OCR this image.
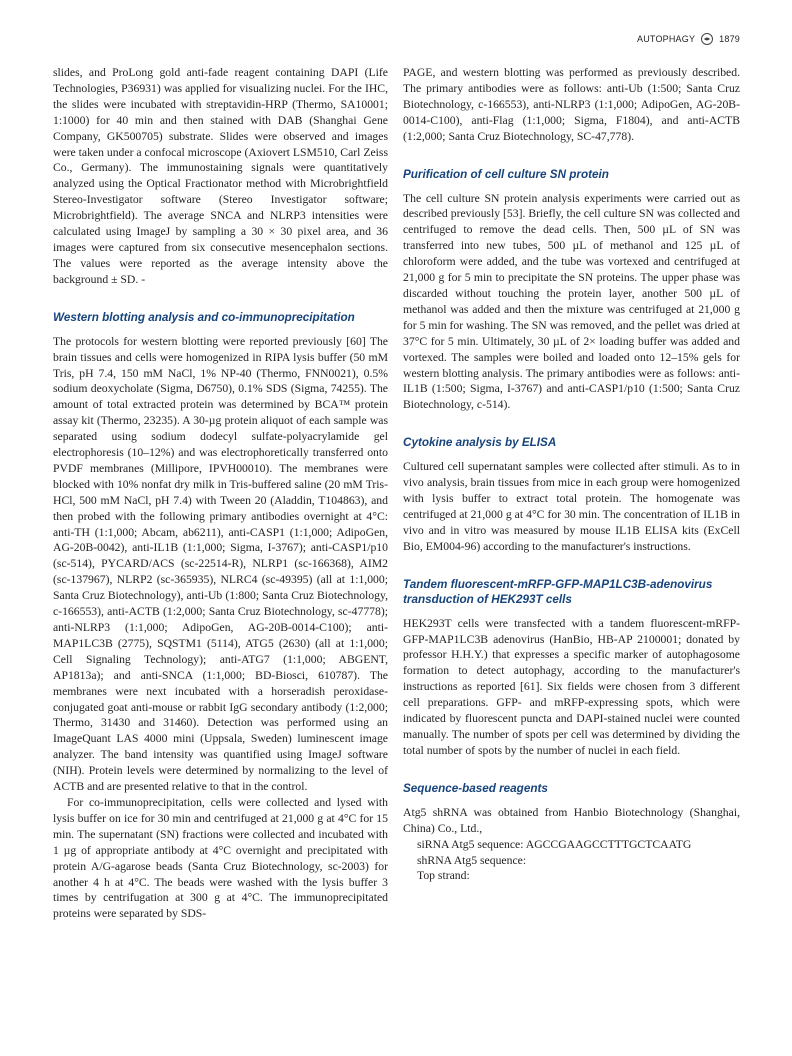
AUTOPHAGY	1879

slides, and ProLong gold anti-fade reagent containing DAPI (Life Technologies, P36931) was applied for visualizing nuclei. For the IHC, the slides were incubated with streptavidin-HRP (Thermo, SA10001; 1:1000) for 40 min and then stained with DAB (Shanghai Gene Company, GK500705) substrate. Slides were observed and images were taken under a confocal microscope (Axiovert LSM510, Carl Zeiss Co., Germany). The immunostaining signals were quantitatively analyzed using the Optical Fractionator method with Microbrightfield Stereo-Investigator software (Stereo Investigator software; Microbrightfield). The average SNCA and NLRP3 intensities were calculated using ImageJ by sampling a 30 × 30 pixel area, and 36 images were captured from six consecutive mesencephalon sections. The values were reported as the average intensity above the background ± SD. -

Western blotting analysis and co-immunoprecipitation

The protocols for western blotting were reported previously [60] The brain tissues and cells were homogenized in RIPA lysis buffer (50 mM Tris, pH 7.4, 150 mM NaCl, 1% NP-40 (Thermo, FNN0021), 0.5% sodium deoxycholate (Sigma, D6750), 0.1% SDS (Sigma, 74255). The amount of total extracted protein was determined by BCA™ protein assay kit (Thermo, 23235). A 30-µg protein aliquot of each sample was separated using sodium dodecyl sulfate-polyacrylamide gel electrophoresis (10–12%) and was electrophoretically transferred onto PVDF membranes (Millipore, IPVH00010). The membranes were blocked with 10% nonfat dry milk in Tris-buffered saline (20 mM Tris-HCl, 500 mM NaCl, pH 7.4) with Tween 20 (Aladdin, T104863), and then probed with the following primary antibodies overnight at 4°C: anti-TH (1:1,000; Abcam, ab6211), anti-CASP1 (1:1,000; AdipoGen, AG-20B-0042), anti-IL1B (1:1,000; Sigma, I-3767); anti-CASP1/p10 (sc-514), PYCARD/ACS (sc-22514-R), NLRP1 (sc-166368), AIM2 (sc-137967), NLRP2 (sc-365935), NLRC4 (sc-49395) (all at 1:1,000; Santa Cruz Biotechnology), anti-Ub (1:800; Santa Cruz Biotechnology, c-166553), anti-ACTB (1:2,000; Santa Cruz Biotechnology, sc-47778); anti-NLRP3 (1:1,000; AdipoGen, AG-20B-0014-C100); anti-MAP1LC3B (2775), SQSTM1 (5114), ATG5 (2630) (all at 1:1,000; Cell Signaling Technology); anti-ATG7 (1:1,000; ABGENT, AP1813a); and anti-SNCA (1:1,000; BD-Biosci, 610787). The membranes were next incubated with a horseradish peroxidase-conjugated goat anti-mouse or rabbit IgG secondary antibody (1:2,000; Thermo, 31430 and 31460). Detection was performed using an ImageQuant LAS 4000 mini (Uppsala, Sweden) luminescent image analyzer. The band intensity was quantified using ImageJ software (NIH). Protein levels were determined by normalizing to the level of ACTB and are presented relative to that in the control.

For co-immunoprecipitation, cells were collected and lysed with lysis buffer on ice for 30 min and centrifuged at 21,000 g at 4°C for 15 min. The supernatant (SN) fractions were collected and incubated with 1 µg of appropriate antibody at 4°C overnight and precipitated with protein A/G-agarose beads (Santa Cruz Biotechnology, sc-2003) for another 4 h at 4°C. The beads were washed with the lysis buffer 3 times by centrifugation at 300 g at 4°C. The immunoprecipitated proteins were separated by SDS-

PAGE, and western blotting was performed as previously described. The primary antibodies were as follows: anti-Ub (1:500; Santa Cruz Biotechnology, c-166553), anti-NLRP3 (1:1,000; AdipoGen, AG-20B-0014-C100), anti-Flag (1:1,000; Sigma, F1804), and anti-ACTB (1:2,000; Santa Cruz Biotechnology, SC-47,778).

Purification of cell culture SN protein

The cell culture SN protein analysis experiments were carried out as described previously [53]. Briefly, the cell culture SN was collected and centrifuged to remove the dead cells. Then, 500 µL of SN was transferred into new tubes, 500 µL of methanol and 125 µL of chloroform were added, and the tube was vortexed and centrifuged at 21,000 g for 5 min to precipitate the SN proteins. The upper phase was discarded without touching the protein layer, another 500 µL of methanol was added and then the mixture was centrifuged at 21,000 g for 5 min for washing. The SN was removed, and the pellet was dried at 37°C for 5 min. Ultimately, 30 µL of 2× loading buffer was added and vortexed. The samples were boiled and loaded onto 12–15% gels for western blotting analysis. The primary antibodies were as follows: anti-IL1B (1:500; Sigma, I-3767) and anti-CASP1/p10 (1:500; Santa Cruz Biotechnology, c-514).

Cytokine analysis by ELISA

Cultured cell supernatant samples were collected after stimuli. As to in vivo analysis, brain tissues from mice in each group were homogenized with lysis buffer to extract total protein. The homogenate was centrifuged at 21,000 g at 4°C for 30 min. The concentration of IL1B in vivo and in vitro was measured by mouse IL1B ELISA kits (ExCell Bio, EM004-96) according to the manufacturer's instructions.

Tandem fluorescent-mRFP-GFP-MAP1LC3B-adenovirus transduction of HEK293T cells

HEK293T cells were transfected with a tandem fluorescent-mRFP-GFP-MAP1LC3B adenovirus (HanBio, HB-AP 2100001; donated by professor H.H.Y.) that expresses a specific marker of autophagosome formation to detect autophagy, according to the manufacturer's instructions as reported [61]. Six fields were chosen from 3 different cell preparations. GFP- and mRFP-expressing spots, which were indicated by fluorescent puncta and DAPI-stained nuclei were counted manually. The number of spots per cell was determined by dividing the total number of spots by the number of nuclei in each field.

Sequence-based reagents

Atg5 shRNA was obtained from Hanbio Biotechnology (Shanghai, China) Co., Ltd.,

siRNA Atg5 sequence: AGCCGAAGCCTTTGCTCAATG

shRNA Atg5 sequence:

Top strand:
